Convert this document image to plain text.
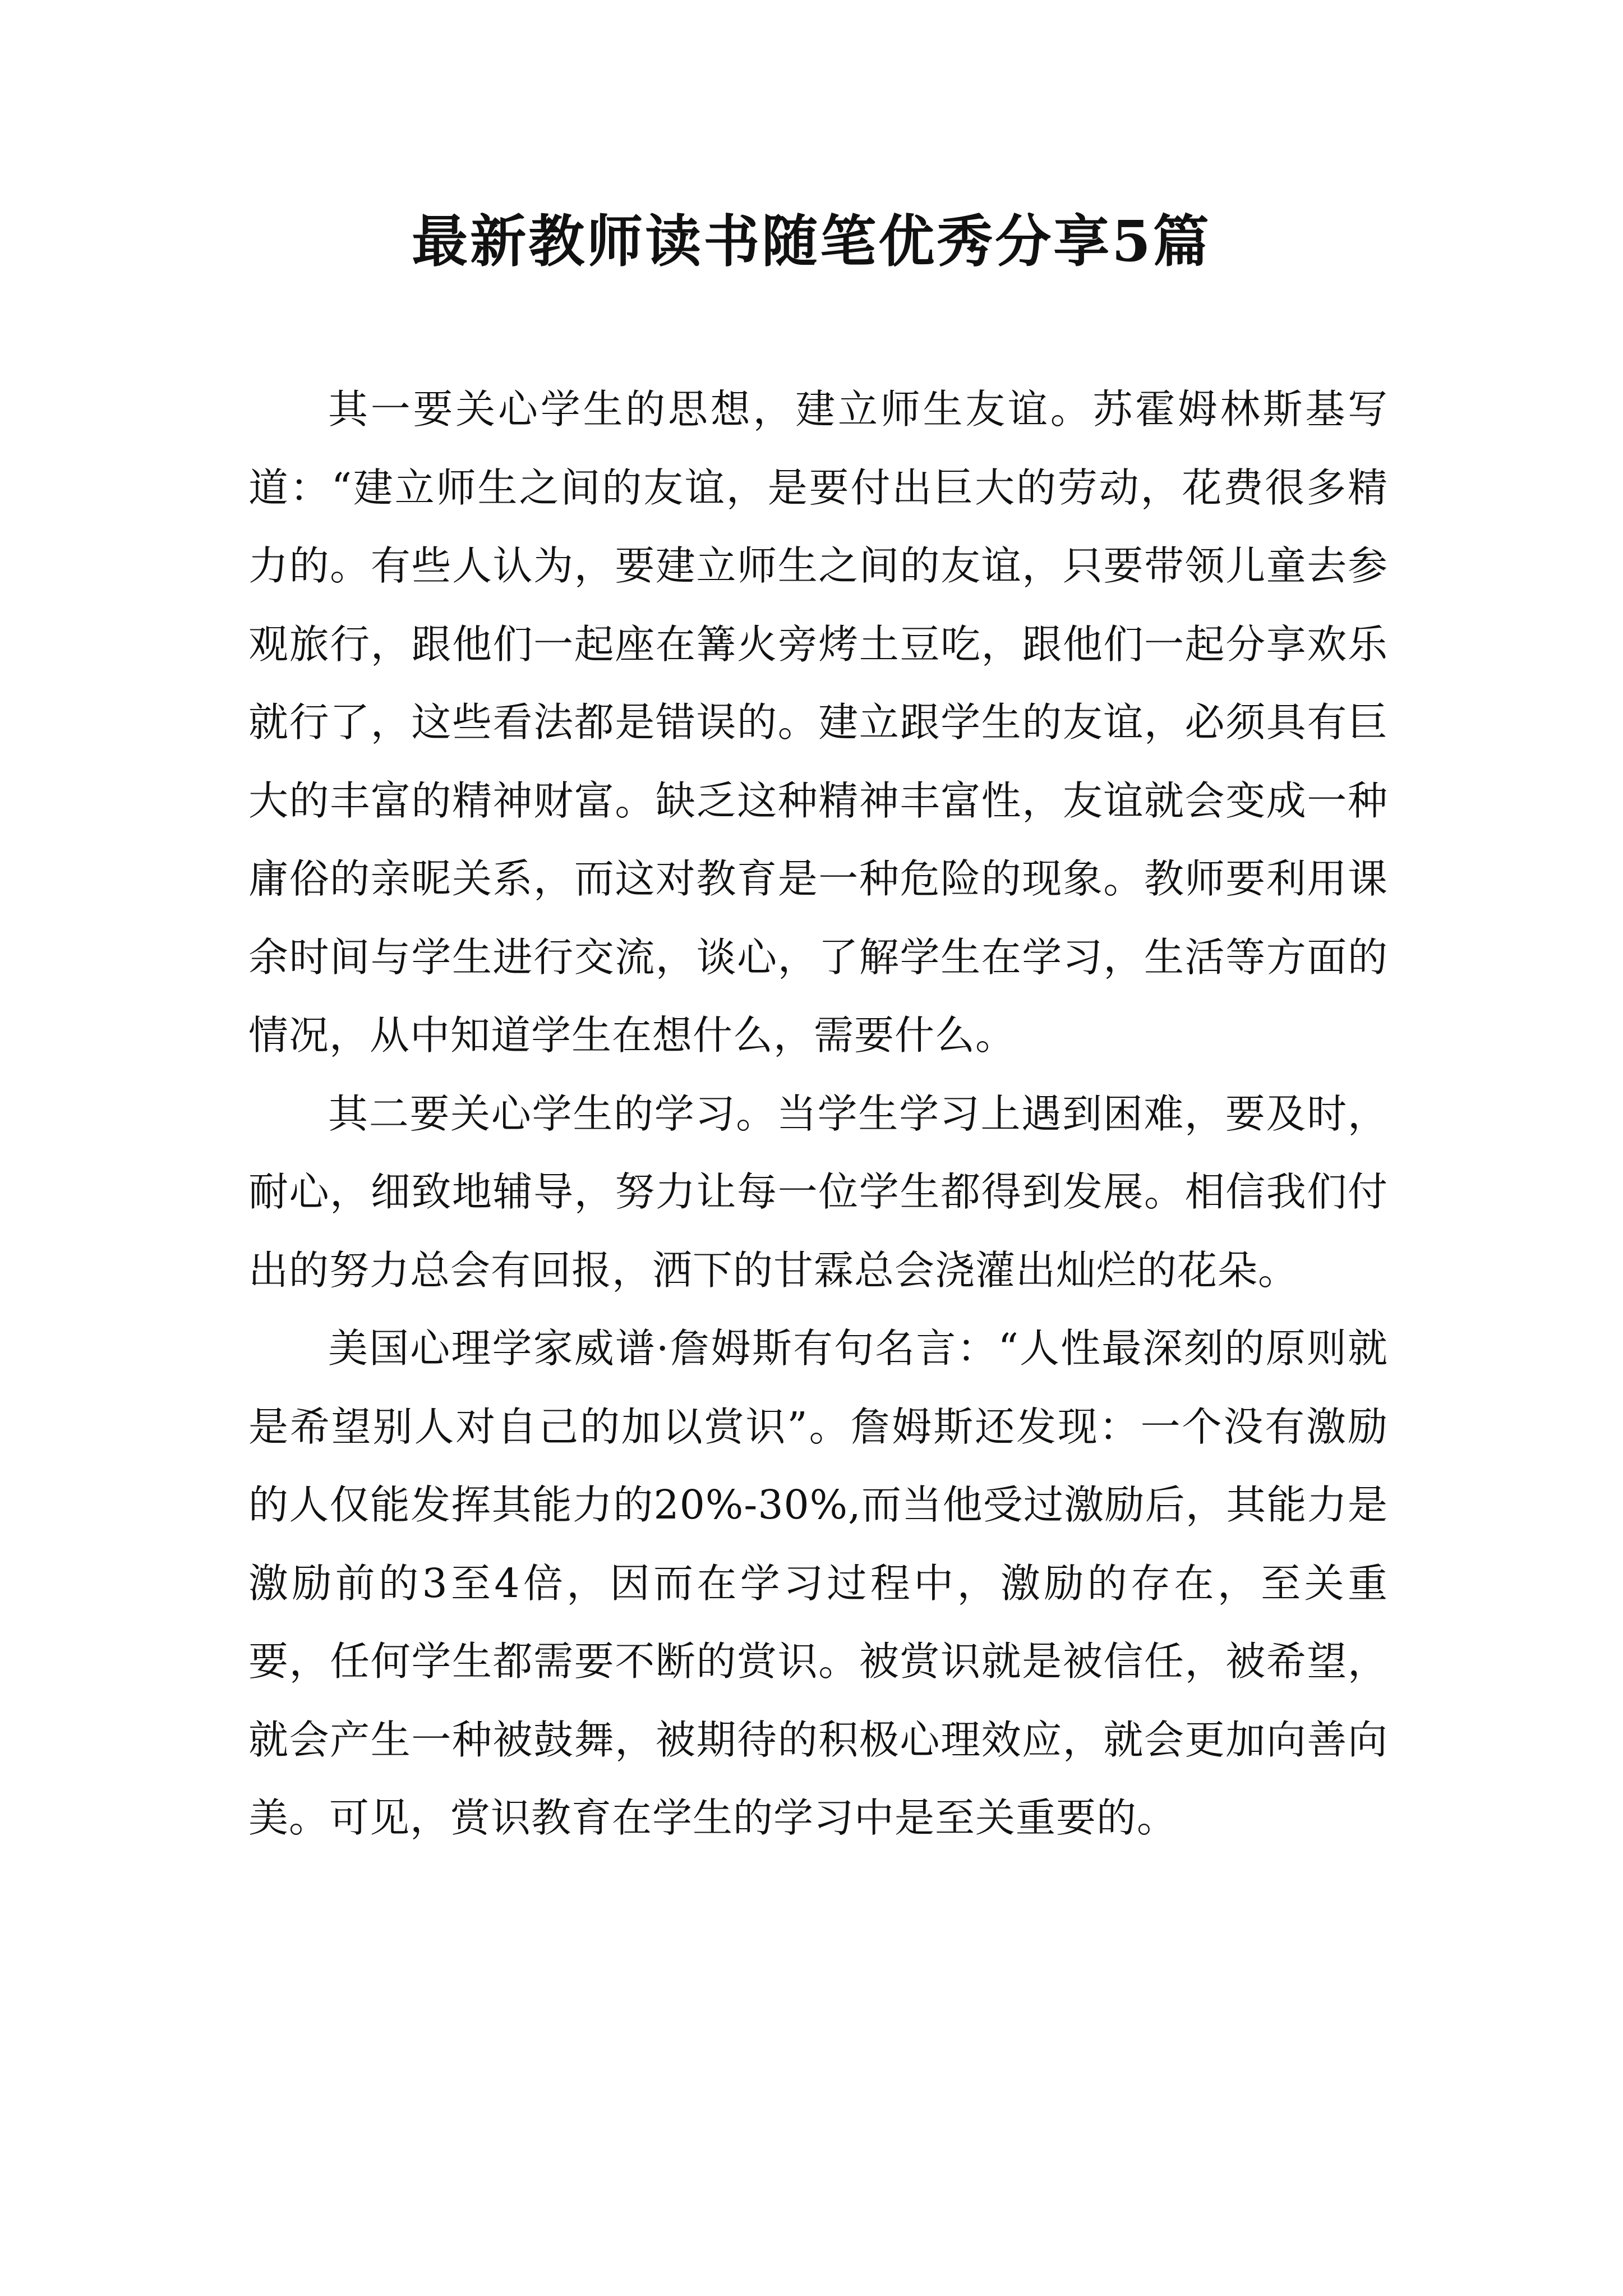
最新教师读书随笔优秀分享5篇

其一要关心学生的思想，建立师生友谊。苏霍姆林斯基写道：“建立师生之间的友谊，是要付出巨大的劳动，花费很多精力的。有些人认为，要建立师生之间的友谊，只要带领儿童去参观旅行，跟他们一起座在篝火旁烤土豆吃，跟他们一起分享欢乐就行了，这些看法都是错误的。建立跟学生的友谊，必须具有巨大的丰富的精神财富。缺乏这种精神丰富性，友谊就会变成一种庸俗的亲昵关系，而这对教育是一种危险的现象。教师要利用课余时间与学生进行交流，谈心，了解学生在学习，生活等方面的情况，从中知道学生在想什么，需要什么。

其二要关心学生的学习。当学生学习上遇到困难，要及时，耐心，细致地辅导，努力让每一位学生都得到发展。相信我们付出的努力总会有回报，洒下的甘霖总会浇灌出灿烂的花朵。

美国心理学家威谱·詹姆斯有句名言：“人性最深刻的原则就是希望别人对自己的加以赏识”。詹姆斯还发现：一个没有激励的人仅能发挥其能力的20%-30%,而当他受过激励后，其能力是激励前的3至4倍，因而在学习过程中，激励的存在，至关重要，任何学生都需要不断的赏识。被赏识就是被信任，被希望，就会产生一种被鼓舞，被期待的积极心理效应，就会更加向善向美。可见，赏识教育在学生的学习中是至关重要的。
